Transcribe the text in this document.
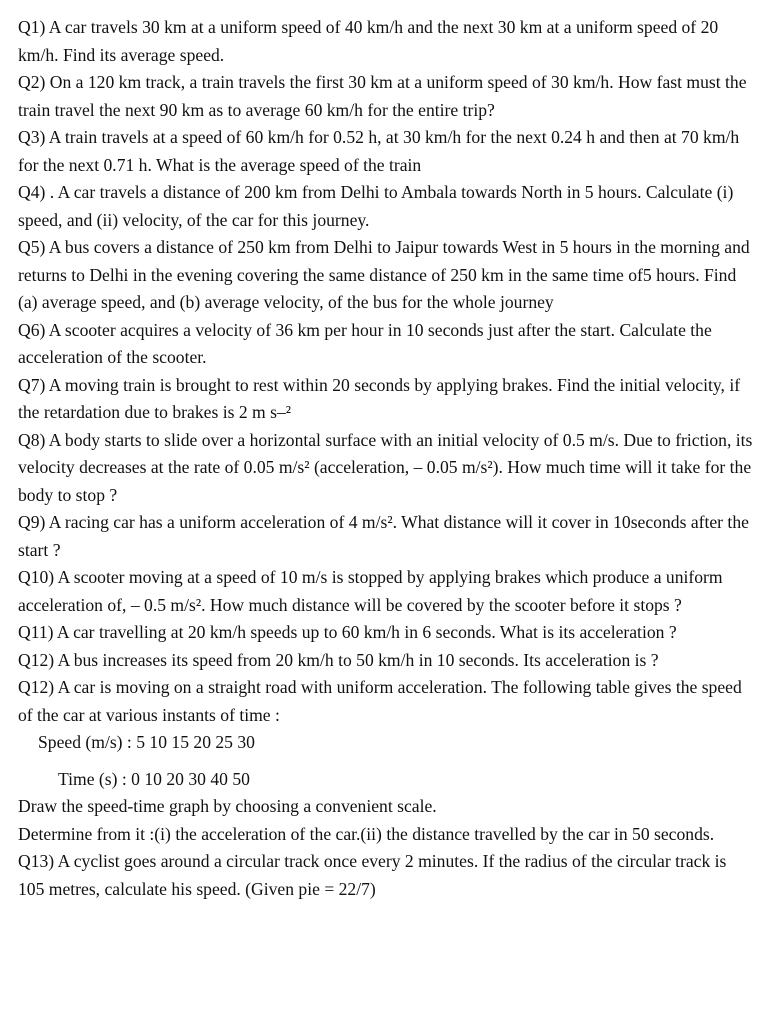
Q1) A car travels 30 km at a uniform speed of 40 km/h and the next 30 km at a uniform speed of 20 km/h. Find its average speed.

Q2) On a 120 km track, a train travels the first 30 km at a uniform speed of 30 km/h. How fast must the train travel the next 90 km as to average 60 km/h for the entire trip?

Q3) A train travels at a speed of 60 km/h for 0.52 h, at 30 km/h for the next 0.24 h and then at 70 km/h for the next 0.71 h. What is the average speed of the train

Q4) . A car travels a distance of 200 km from Delhi to Ambala towards North in 5 hours. Calculate (i) speed, and (ii) velocity, of the car for this journey.

Q5) A bus covers a distance of 250 km from Delhi to Jaipur towards West in 5 hours in the morning and returns to Delhi in the evening covering the same distance of 250 km in the same time of5 hours. Find (a) average speed, and (b) average velocity, of the bus for the whole journey

Q6) A scooter acquires a velocity of 36 km per hour in 10 seconds just after the start. Calculate the acceleration of the scooter.

Q7) A moving train is brought to rest within 20 seconds by applying brakes. Find the initial velocity, if the retardation due to brakes is 2 m s–²

Q8) A body starts to slide over a horizontal surface with an initial velocity of 0.5 m/s. Due to friction, its velocity decreases at the rate of 0.05 m/s² (acceleration, – 0.05 m/s²). How much time will it take for the body to stop ?

Q9) A racing car has a uniform acceleration of 4 m/s². What distance will it cover in 10seconds after the start ?

Q10) A scooter moving at a speed of 10 m/s is stopped by applying brakes which produce a uniform acceleration of, – 0.5 m/s². How much distance will be covered by the scooter before it stops ?

Q11) A car travelling at 20 km/h speeds up to 60 km/h in 6 seconds. What is its acceleration ?

Q12) A bus increases its speed from 20 km/h to 50 km/h in 10 seconds. Its acceleration is ?

Q12) A car is moving on a straight road with uniform acceleration. The following table gives the speed of the car at various instants of time :

Speed (m/s) : 5 10 15 20 25 30

Time (s) : 0 10 20 30 40 50

Draw the speed-time graph by choosing a convenient scale.

Determine from it :(i) the acceleration of the car.(ii) the distance travelled by the car in 50 seconds.

Q13) A cyclist goes around a circular track once every 2 minutes. If the radius of the circular track is 105 metres, calculate his speed. (Given pie = 22/7)
